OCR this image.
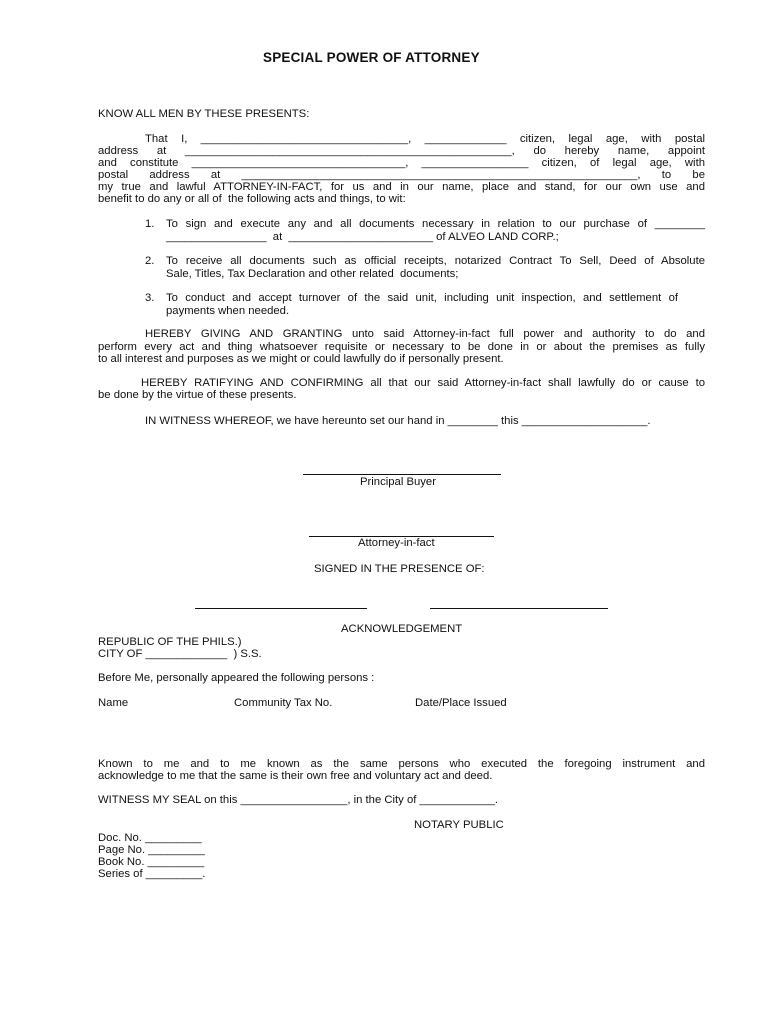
SPECIAL POWER OF ATTORNEY
KNOW ALL MEN BY THESE PRESENTS:
That I, _________________________________, _____________ citizen, legal age, with postal
address at ____________________________________________________, do hereby name, appoint
and constitute __________________________________, _________________ citizen, of legal age, with
postal address at _______________________________________________________________, to be
my true and lawful ATTORNEY-IN-FACT, for us and in our name, place and stand, for our own use and
benefit to do any or all of  the following acts and things, to wit:
1. To sign and execute any and all documents necessary in relation to our purchase of ________
________________  at  _______________________ of ALVEO LAND CORP.;
2. To receive all documents such as official receipts, notarized Contract To Sell, Deed of Absolute
Sale, Titles, Tax Declaration and other related  documents;
3. To conduct and accept turnover of the said unit, including unit inspection, and settlement of
payments when needed.
HEREBY GIVING AND GRANTING unto said Attorney-in-fact full power and authority to do and
perform every act and thing whatsoever requisite or necessary to be done in or about the premises as fully
to all interest and purposes as we might or could lawfully do if personally present.
HEREBY RATIFYING AND CONFIRMING all that our said Attorney-in-fact shall lawfully do or cause to
be done by the virtue of these presents.
IN WITNESS WHEREOF, we have hereunto set our hand in ________ this ____________________.
Principal Buyer
Attorney-in-fact
SIGNED IN THE PRESENCE OF:
ACKNOWLEDGEMENT
REPUBLIC OF THE PHILS.)
CITY OF _____________  ) S.S.
Before Me, personally appeared the following persons :
Name	Community Tax No.	Date/Place Issued
Known to me and to me known as the same persons who executed the foregoing instrument and
acknowledge to me that the same is their own free and voluntary act and deed.
WITNESS MY SEAL on this _________________, in the City of ____________.
NOTARY PUBLIC
Doc. No. _________
Page No. _________
Book No. _________
Series of _________.
